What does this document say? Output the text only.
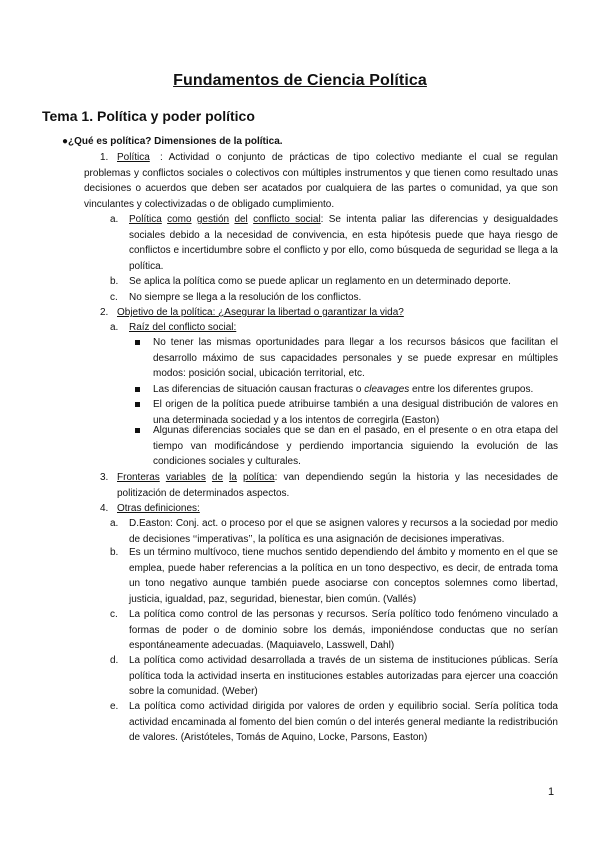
Fundamentos de Ciencia Política
Tema 1. Política y poder político
●¿Qué es política? Dimensiones de la política.
1. Política	: Actividad o conjunto de prácticas de tipo colectivo mediante el cual se regulan problemas y conflictos sociales o colectivos con múltiples instrumentos y que tienen como resultado unas decisiones o acuerdos que deben ser acatados por cualquiera de las partes o comunidad, ya que son vinculantes y colectivizadas o de obligado cumplimiento.
a. Política como gestión del conflicto social: Se intenta paliar las diferencias y desigualdades sociales debido a la necesidad de convivencia, en esta hipótesis puede que haya riesgo de conflictos e incertidumbre sobre el conflicto y por ello, como búsqueda de seguridad se llega a la política.
b. Se aplica la política como se puede aplicar un reglamento en un determinado deporte.
c. No siempre se llega a la resolución de los conflictos.
2. Objetivo de la política: ¿Asegurar la libertad o garantizar la vida?
a. Raíz del conflicto social:
No tener las mismas oportunidades para llegar a los recursos básicos que facilitan el desarrollo máximo de sus capacidades personales y se puede expresar en múltiples modos: posición social, ubicación territorial, etc.
Las diferencias de situación causan fracturas o cleavages entre los diferentes grupos.
El origen de la política puede atribuirse también a una desigual distribución de valores en una determinada sociedad y a los intentos de corregirla (Easton)
Algunas diferencias sociales que se dan en el pasado, en el presente o en otra etapa del tiempo van modificándose y perdiendo importancia siguiendo la evolución de las condiciones sociales y culturales.
3. Fronteras variables de la política: van dependiendo según la historia y las necesidades de politización de determinados aspectos.
4. Otras definiciones:
a. D.Easton: Conj. act. o proceso por el que se asignen valores y recursos a la sociedad por medio de decisiones ‘‘imperativas’’, la política es una asignación de decisiones imperativas.
b. Es un término multívoco, tiene muchos sentido dependiendo del ámbito y momento en el que se emplea, puede haber referencias a la política en un tono despectivo, es decir, de entrada toma un tono negativo aunque también puede asociarse con conceptos solemnes como libertad, justicia, igualdad, paz, seguridad, bienestar, bien común. (Vallés)
c. La política como control de las personas y recursos. Sería político todo fenómeno vinculado a formas de poder o de dominio sobre los demás, imponiéndose conductas que no serían espontáneamente adecuadas. (Maquiavelo, Lasswell, Dahl)
d. La política como actividad desarrollada a través de un sistema de instituciones públicas. Sería política toda la actividad inserta en instituciones estables autorizadas para ejercer una coacción sobre la comunidad. (Weber)
e. La política como actividad dirigida por valores de orden y equilibrio social. Sería política toda actividad encaminada al fomento del bien común o del interés general mediante la redistribución de valores. (Aristóteles, Tomás de Aquino, Locke, Parsons, Easton)
1
